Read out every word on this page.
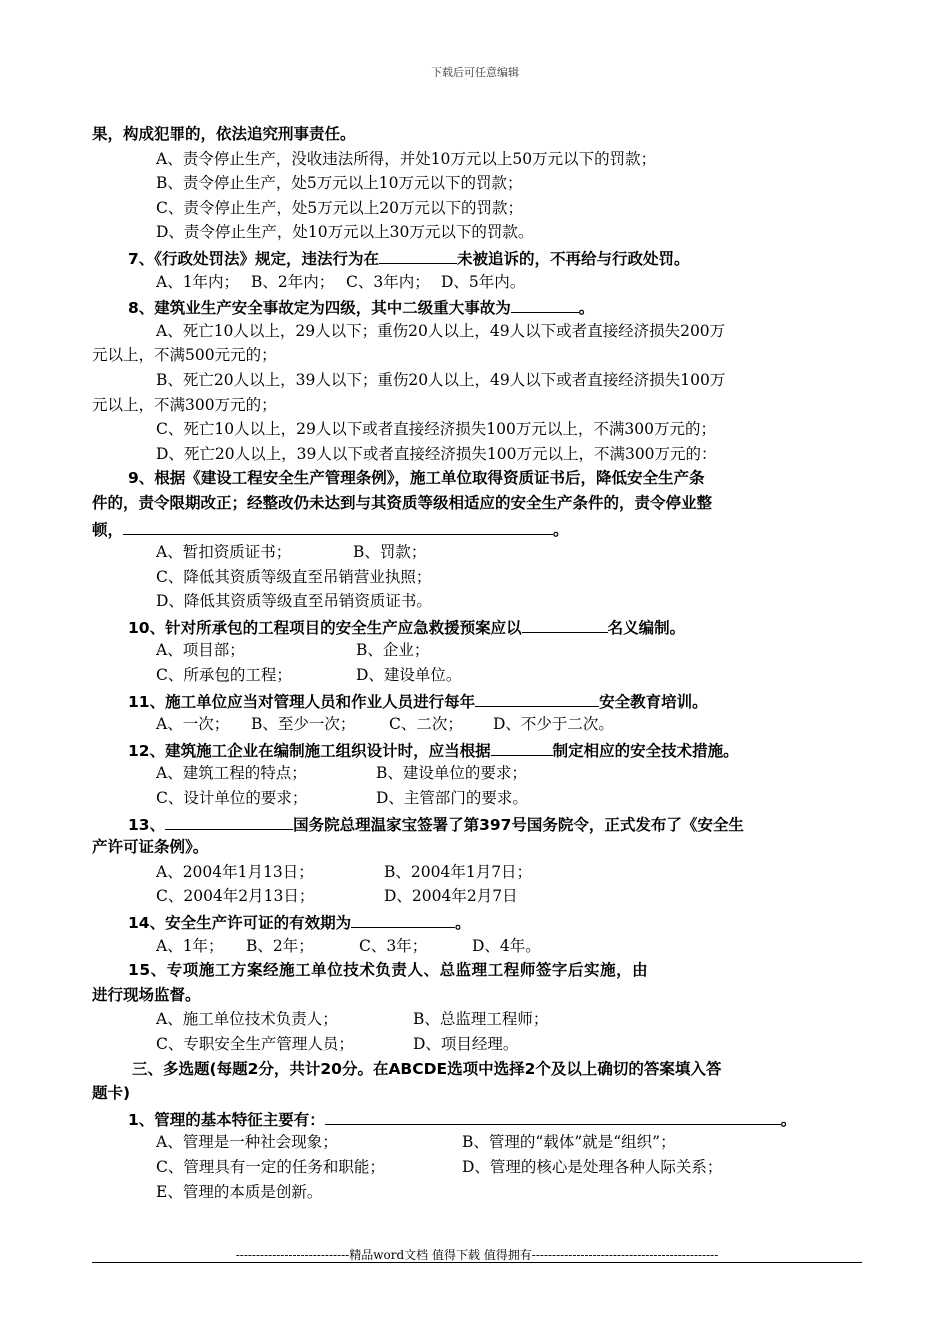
下载后可任意编辑
果，构成犯罪的，依法追究刑事责任。
A、责令停止生产，没收违法所得，并处10万元以上50万元以下的罚款；
B、责令停止生产，处5万元以上10万元以下的罚款；
C、责令停止生产，处5万元以上20万元以下的罚款；
D、责令停止生产，处10万元以上30万元以下的罚款。
7、《行政处罚法》规定，违法行为在	未被追诉的，不再给与行政处罚。
A、1年内； B、2年内； C、3年内； D、5年内。
8、建筑业生产安全事故定为四级，其中二级重大事故为	。
A、死亡10人以上，29人以下；重伤20人以上，49人以下或者直接经济损失200万
元以上，不满500元元的；
B、死亡20人以上，39人以下；重伤20人以上，49人以下或者直接经济损失100万
元以上，不满300万元的；
C、死亡10人以上，29人以下或者直接经济损失100万元以上，不满300万元的；
D、死亡20人以上，39人以下或者直接经济损失100万元以上，不满300万元的：
9、根据《建设工程安全生产管理条例》，施工单位取得资质证书后，降低安全生产条
件的，责令限期改正；经整改仍未达到与其资质等级相适应的安全生产条件的，责令停业整
顿，	。
A、暂扣资质证书；	B、罚款；
C、降低其资质等级直至吊销营业执照；
D、降低其资质等级直至吊销资质证书。
10、针对所承包的工程项目的安全生产应急救援预案应以	名义编制。
A、项目部；	B、企业；
C、所承包的工程；	D、建设单位。
11、施工单位应当对管理人员和作业人员进行每年	安全教育培训。
A、一次； B、至少一次； C、二次； D、不少于二次。
12、建筑施工企业在编制施工组织设计时，应当根据	制定相应的安全技术措施。
A、建筑工程的特点；	B、建设单位的要求；
C、设计单位的要求；	D、主管部门的要求。
13、	国务院总理温家宝签署了第397号国务院令，正式发布了《安全生
产许可证条例》。
A、2004年1月13日；	B、2004年1月7日；
C、2004年2月13日；	D、2004年2月7日
14、安全生产许可证的有效期为	。
A、1年； B、2年；	C、3年；	D、4年。
15、专项施工方案经施工单位技术负责人、总监理工程师签字后实施，由
进行现场监督。
A、施工单位技术负责人；	B、总监理工程师；
C、专职安全生产管理人员；	D、项目经理。
三、多选题(每题2分，共计20分。在ABCDE选项中选择2个及以上确切的答案填入答
题卡)
1、管理的基本特征主要有：	。
A、管理是一种社会现象；	B、管理的“载体”就是“组织”；
C、管理具有一定的任务和职能；	D、管理的核心是处理各种人际关系；
E、管理的本质是创新。
----------------------------精品word文档 值得下载 值得拥有----------------------------------------------
